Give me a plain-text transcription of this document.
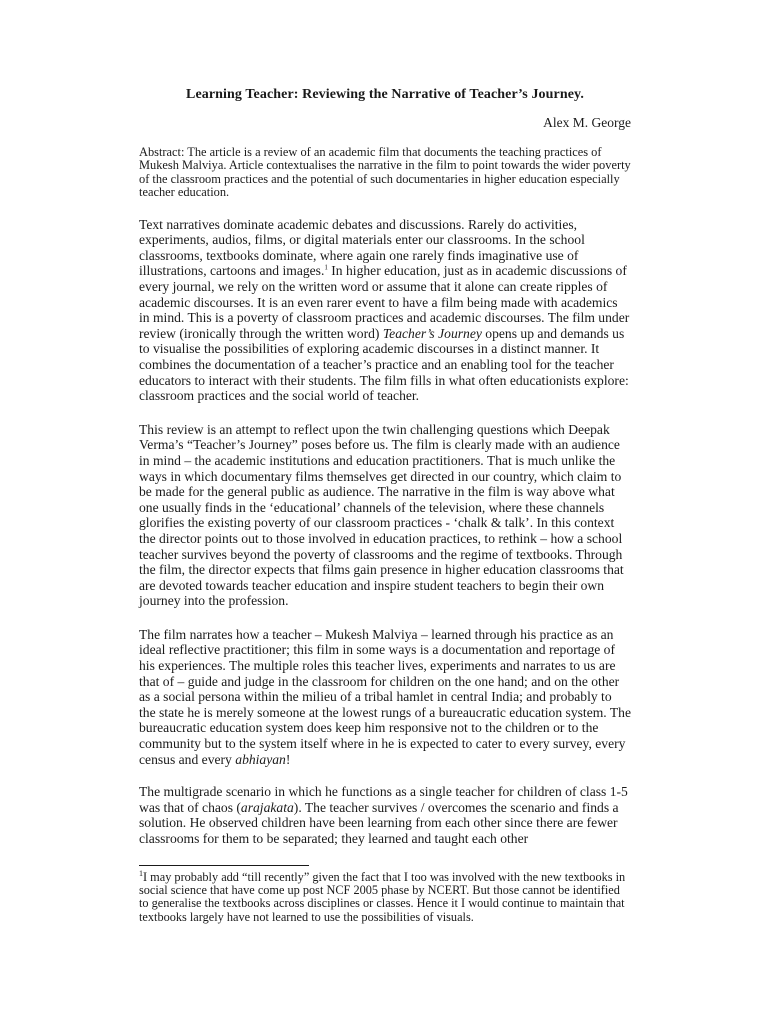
Learning Teacher: Reviewing the Narrative of Teacher’s Journey.
Alex M. George

Abstract: The article is a review of an academic film that documents the teaching practices of Mukesh Malviya. Article contextualises the narrative in the film to point towards the wider poverty of the classroom practices and the potential of such documentaries in higher education especially teacher education.

Text narratives dominate academic debates and discussions. Rarely do activities, experiments, audios, films, or digital materials enter our classrooms. In the school classrooms, textbooks dominate, where again one rarely finds imaginative use of illustrations, cartoons and images.$^1$ In higher education, just as in academic discussions of every journal, we rely on the written word or assume that it alone can create ripples of academic discourses. It is an even rarer event to have a film being made with academics in mind. This is a poverty of classroom practices and academic discourses. The film under review (ironically through the written word) Teacher’s Journey opens up and demands us to visualise the possibilities of exploring academic discourses in a distinct manner. It combines the documentation of a teacher’s practice and an enabling tool for the teacher educators to interact with their students. The film fills in what often educationists explore: classroom practices and the social world of teacher.

This review is an attempt to reflect upon the twin challenging questions which Deepak Verma’s “Teacher’s Journey” poses before us. The film is clearly made with an audience in mind – the academic institutions and education practitioners. That is much unlike the ways in which documentary films themselves get directed in our country, which claim to be made for the general public as audience. The narrative in the film is way above what one usually finds in the ‘educational’ channels of the television, where these channels glorifies the existing poverty of our classroom practices - ‘chalk & talk’. In this context the director points out to those involved in education practices, to rethink – how a school teacher survives beyond the poverty of classrooms and the regime of textbooks. Through the film, the director expects that films gain presence in higher education classrooms that are devoted towards teacher education and inspire student teachers to begin their own journey into the profession.

The film narrates how a teacher – Mukesh Malviya – learned through his practice as an ideal reflective practitioner; this film in some ways is a documentation and reportage of his experiences. The multiple roles this teacher lives, experiments and narrates to us are that of – guide and judge in the classroom for children on the one hand; and on the other as a social persona within the milieu of a tribal hamlet in central India; and probably to the state he is merely someone at the lowest rungs of a bureaucratic education system. The bureaucratic education system does keep him responsive not to the children or to the community but to the system itself where in he is expected to cater to every survey, every census and every abhiayan!

The multigrade scenario in which he functions as a single teacher for children of class 1-5 was that of chaos (arajakata). The teacher survives / overcomes the scenario and finds a solution. He observed children have been learning from each other since there are fewer classrooms for them to be separated; they learned and taught each other

$^1$I may probably add “till recently” given the fact that I too was involved with the new textbooks in social science that have come up post NCF 2005 phase by NCERT. But those cannot be identified to generalise the textbooks across disciplines or classes. Hence it I would continue to maintain that textbooks largely have not learned to use the possibilities of visuals.
